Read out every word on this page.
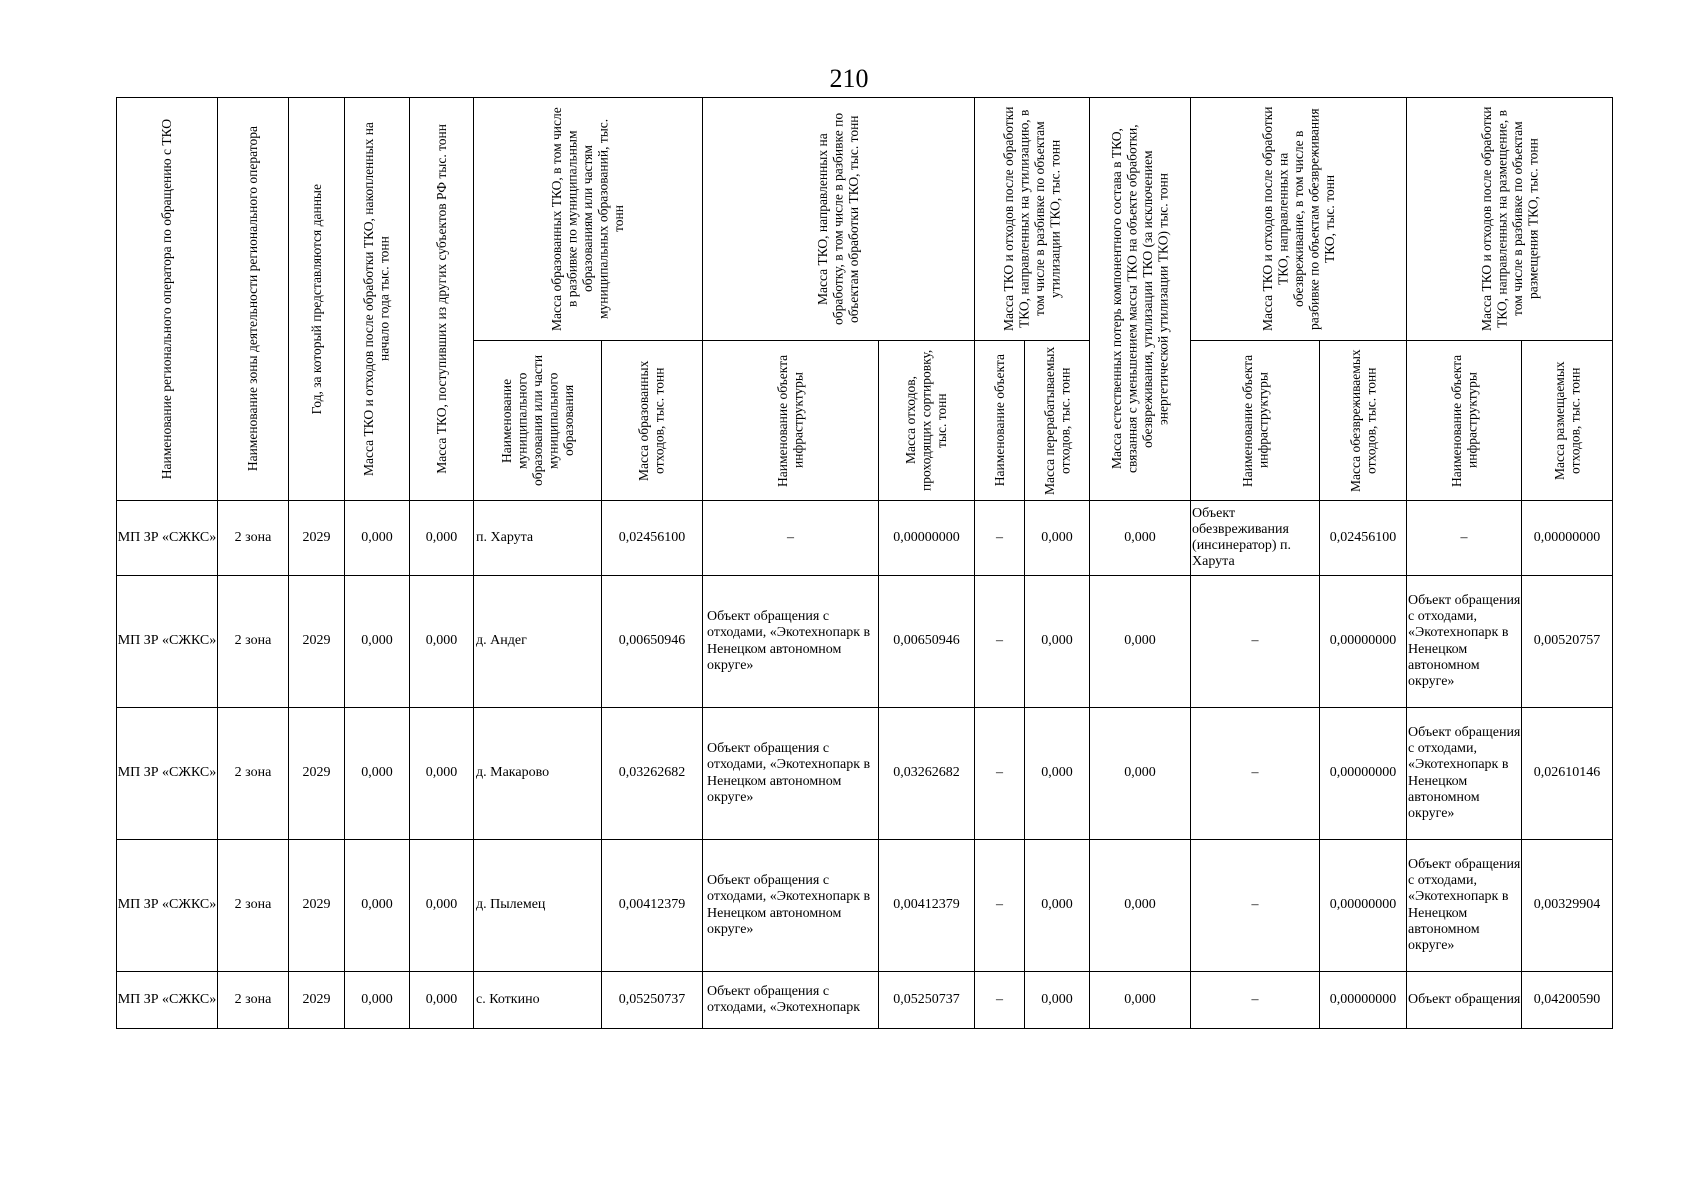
210
Наименование регионального оператора по обращению с ТКО	Наименование зоны деятельности регионального оператора	Год, за который представляются данные	Масса ТКО и отходов после обработки ТКО, накопленных на начало года тыс. тонн	Масса ТКО, поступивших из других субъектов РФ тыс. тонн	Масса образованных ТКО, в том числе в разбивке по муниципальным образованиям или частям муниципальных образований, тыс. тонн		Масса ТКО, направленных на обработку, в том числе в разбивке по объектам обработки ТКО, тыс. тонн		Масса ТКО и отходов после обработки ТКО, направленных на утилизацию, в том числе в разбивке по объектам утилизации ТКО, тыс. тонн		Масса естественных потерь компонентного состава в ТКО, связанная с уменьшением массы ТКО на объекте обработки, обезвреживания, утилизации ТКО (за исключением энергетической утилизации ТКО) тыс. тонн	Масса ТКО и отходов после обработки ТКО, направленных на обезвреживание, в том числе в разбивке по объектам обезвреживания ТКО, тыс. тонн		Масса ТКО и отходов после обработки ТКО, направленных на размещение, в том числе в разбивке по объектам размещения ТКО, тыс. тонн	

					Наименование муниципального образования или части муниципального образования	Масса образованных отходов, тыс. тонн	Наименование объекта инфраструктуры	Масса отходов, проходящих сортировку, тыс. тонн	Наименование объекта	Масса перерабатываемых отходов, тыс. тонн		Наименование объекта инфраструктуры	Масса обезвреживаемых отходов, тыс. тонн	Наименование объекта инфраструктуры	Масса размещаемых отходов, тыс. тонн

МП ЗР «СЖКС»	2 зона	2029	0,000	0,000	п. Харута	0,02456100	–	0,00000000	–	0,000	0,000	Объект обезвреживания (инсинератор) п. Харута	0,02456100	–	0,00000000
МП ЗР «СЖКС»	2 зона	2029	0,000	0,000	д. Андег	0,00650946	Объект обращения с отходами, «Экотехнопарк в Ненецком автономном округе»	0,00650946	–	0,000	0,000	–	0,00000000	Объект обращения с отходами, «Экотехнопарк в Ненецком автономном округе»	0,00520757
МП ЗР «СЖКС»	2 зона	2029	0,000	0,000	д. Макарово	0,03262682	Объект обращения с отходами, «Экотехнопарк в Ненецком автономном округе»	0,03262682	–	0,000	0,000	–	0,00000000	Объект обращения с отходами, «Экотехнопарк в Ненецком автономном округе»	0,02610146
МП ЗР «СЖКС»	2 зона	2029	0,000	0,000	д. Пылемец	0,00412379	Объект обращения с отходами, «Экотехнопарк в Ненецком автономном округе»	0,00412379	–	0,000	0,000	–	0,00000000	Объект обращения с отходами, «Экотехнопарк в Ненецком автономном округе»	0,00329904
МП ЗР «СЖКС»	2 зона	2029	0,000	0,000	с. Коткино	0,05250737	Объект обращения с отходами, «Экотехнопарк	0,05250737	–	0,000	0,000	–	0,00000000	Объект обращения	0,04200590
